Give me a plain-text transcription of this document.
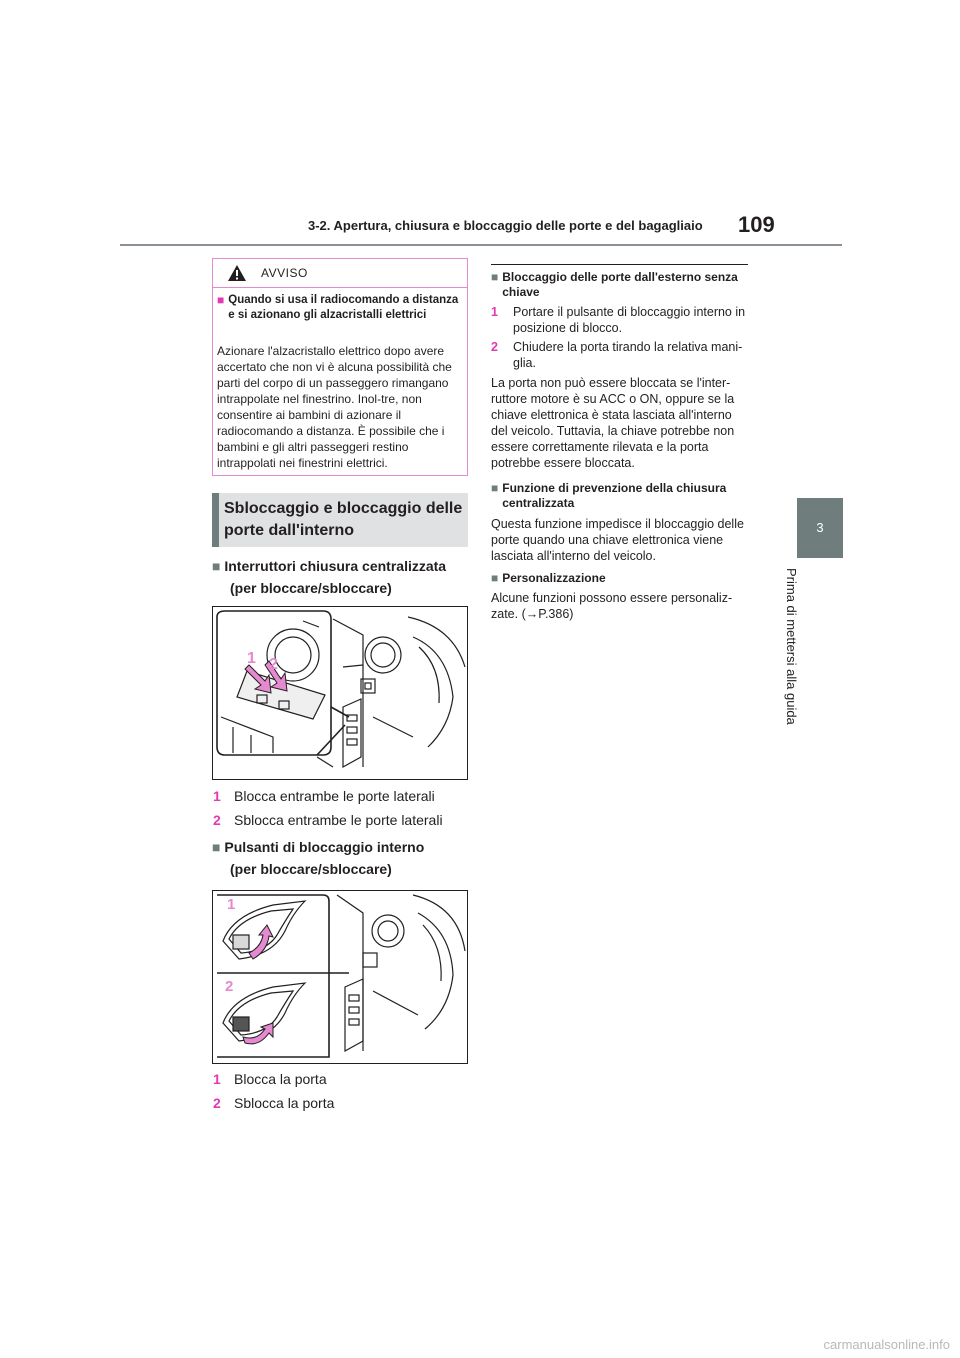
3-2. Apertura, chiusura e bloccaggio delle porte e del bagagliaio 109
3
Prima di mettersi alla guida
AVVISO
■	Quando si usa il radiocomando a distanza e si azionano gli alzacristalli elettrici
Azionare l'alzacristallo elettrico dopo avere accertato che non vi è alcuna possibilità che parti del corpo di un passeggero rimangano intrappolate nel finestrino. Inol-tre, non consentire ai bambini di azionare il radiocomando a distanza. È possibile che i bambini e gli altri passeggeri restino intrappolati nei finestrini elettrici.
Sbloccaggio e bloccaggio delle porte dall'interno
■ Interruttori chiusura centralizzata
(per bloccare/sbloccare)
1 2
1 Blocca entrambe le porte laterali
2 Sblocca entrambe le porte laterali
■ Pulsanti di bloccaggio interno
(per bloccare/sbloccare)
1
2
1 Blocca la porta
2 Sblocca la porta
■	Bloccaggio delle porte dall'esterno senza chiave
1 Portare il pulsante di bloccaggio interno in posizione di blocco.
2 Chiudere la porta tirando la relativa mani-glia.
La porta non può essere bloccata se l'inter-ruttore motore è su ACC o ON, oppure se la chiave elettronica è stata lasciata all'interno del veicolo. Tuttavia, la chiave potrebbe non essere correttamente rilevata e la porta potrebbe essere bloccata.
■	Funzione di prevenzione della chiusura centralizzata
Questa funzione impedisce il bloccaggio delle porte quando una chiave elettronica viene lasciata all'interno del veicolo.
■	Personalizzazione
Alcune funzioni possono essere personaliz-zate. (→P.386)
carmanualsonline.info
